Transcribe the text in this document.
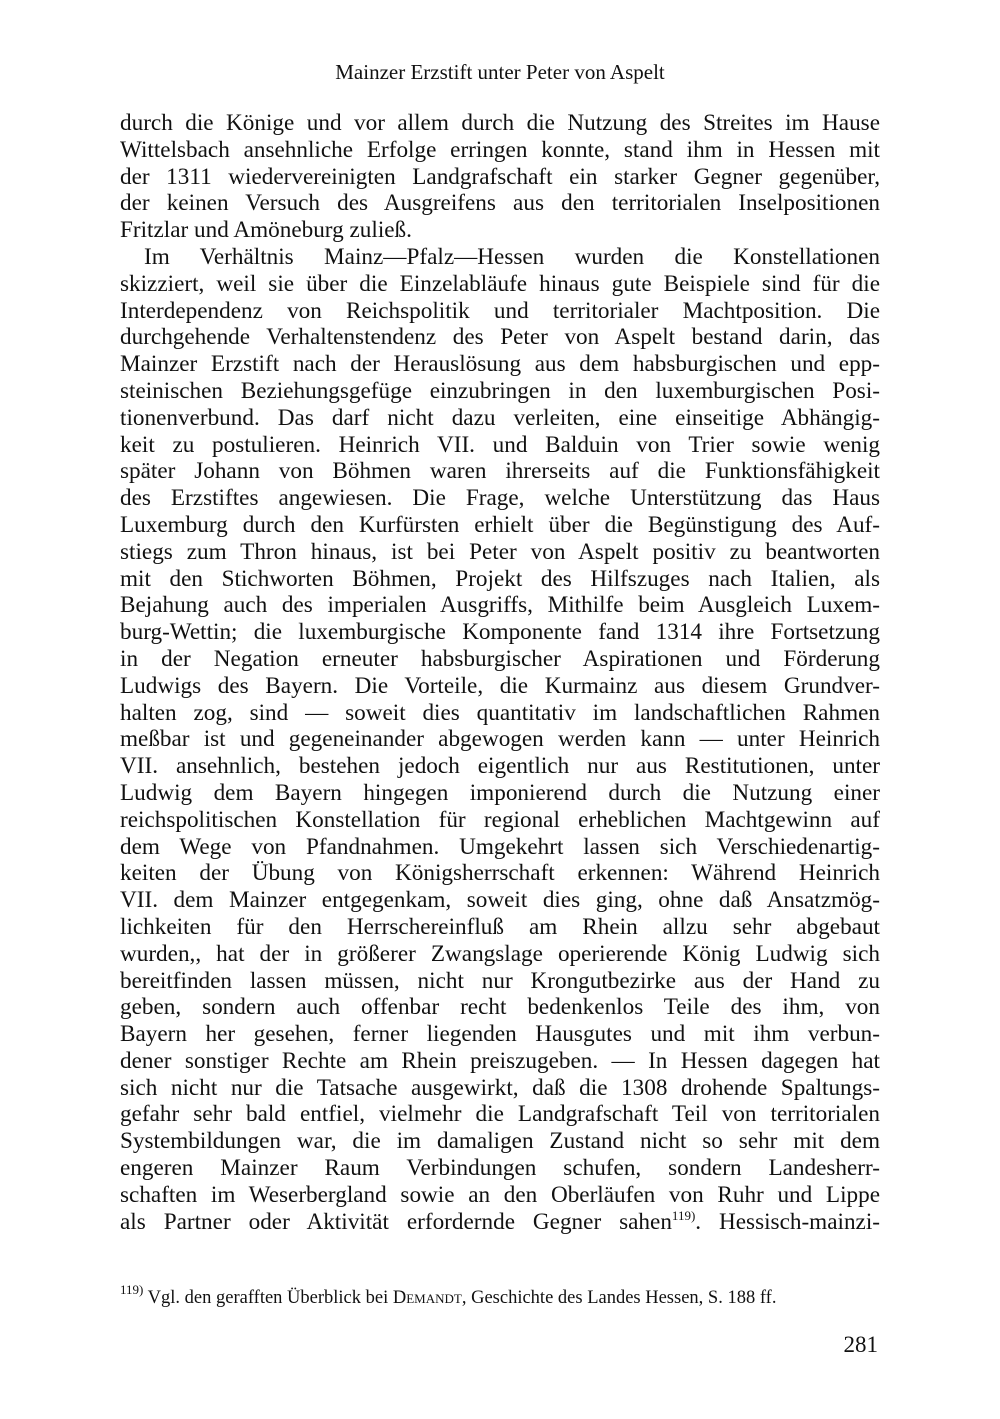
Mainzer Erzstift unter Peter von Aspelt
durch die Könige und vor allem durch die Nutzung des Streites im Hause
Wittelsbach ansehnliche Erfolge erringen konnte, stand ihm in Hessen mit
der 1311 wiedervereinigten Landgrafschaft ein starker Gegner gegenüber,
der keinen Versuch des Ausgreifens aus den territorialen Inselpositionen
Fritzlar und Amöneburg zuließ.
Im Verhältnis Mainz—Pfalz—Hessen wurden die Konstellationen
skizziert, weil sie über die Einzelabläufe hinaus gute Beispiele sind für die
Interdependenz von Reichspolitik und territorialer Machtposition. Die
durchgehende Verhaltenstendenz des Peter von Aspelt bestand darin, das
Mainzer Erzstift nach der Herauslösung aus dem habsburgischen und epp-
steinischen Beziehungsgefüge einzubringen in den luxemburgischen Posi-
tionenverbund. Das darf nicht dazu verleiten, eine einseitige Abhängig-
keit zu postulieren. Heinrich VII. und Balduin von Trier sowie wenig
später Johann von Böhmen waren ihrerseits auf die Funktionsfähigkeit
des Erzstiftes angewiesen. Die Frage, welche Unterstützung das Haus
Luxemburg durch den Kurfürsten erhielt über die Begünstigung des Auf-
stiegs zum Thron hinaus, ist bei Peter von Aspelt positiv zu beantworten
mit den Stichworten Böhmen, Projekt des Hilfszuges nach Italien, als
Bejahung auch des imperialen Ausgriffs, Mithilfe beim Ausgleich Luxem-
burg-Wettin; die luxemburgische Komponente fand 1314 ihre Fortsetzung
in der Negation erneuter habsburgischer Aspirationen und Förderung
Ludwigs des Bayern. Die Vorteile, die Kurmainz aus diesem Grundver-
halten zog, sind — soweit dies quantitativ im landschaftlichen Rahmen
meßbar ist und gegeneinander abgewogen werden kann — unter Heinrich
VII. ansehnlich, bestehen jedoch eigentlich nur aus Restitutionen, unter
Ludwig dem Bayern hingegen imponierend durch die Nutzung einer
reichspolitischen Konstellation für regional erheblichen Machtgewinn auf
dem Wege von Pfandnahmen. Umgekehrt lassen sich Verschiedenartig-
keiten der Übung von Königsherrschaft erkennen: Während Heinrich
VII. dem Mainzer entgegenkam, soweit dies ging, ohne daß Ansatzmög-
lichkeiten für den Herrschereinfluß am Rhein allzu sehr abgebaut
wurden,, hat der in größerer Zwangslage operierende König Ludwig sich
bereitfinden lassen müssen, nicht nur Krongutbezirke aus der Hand zu
geben, sondern auch offenbar recht bedenkenlos Teile des ihm, von
Bayern her gesehen, ferner liegenden Hausgutes und mit ihm verbun-
dener sonstiger Rechte am Rhein preiszugeben. — In Hessen dagegen hat
sich nicht nur die Tatsache ausgewirkt, daß die 1308 drohende Spaltungs-
gefahr sehr bald entfiel, vielmehr die Landgrafschaft Teil von territorialen
Systembildungen war, die im damaligen Zustand nicht so sehr mit dem
engeren Mainzer Raum Verbindungen schufen, sondern Landesherr-
schaften im Weserbergland sowie an den Oberläufen von Ruhr und Lippe
als Partner oder Aktivität erfordernde Gegner sahen$^{119)}$. Hessisch-mainzi-
$^{119)}$ Vgl. den gerafften Überblick bei Demandt, Geschichte des Landes Hessen, S. 188 ff.
281
